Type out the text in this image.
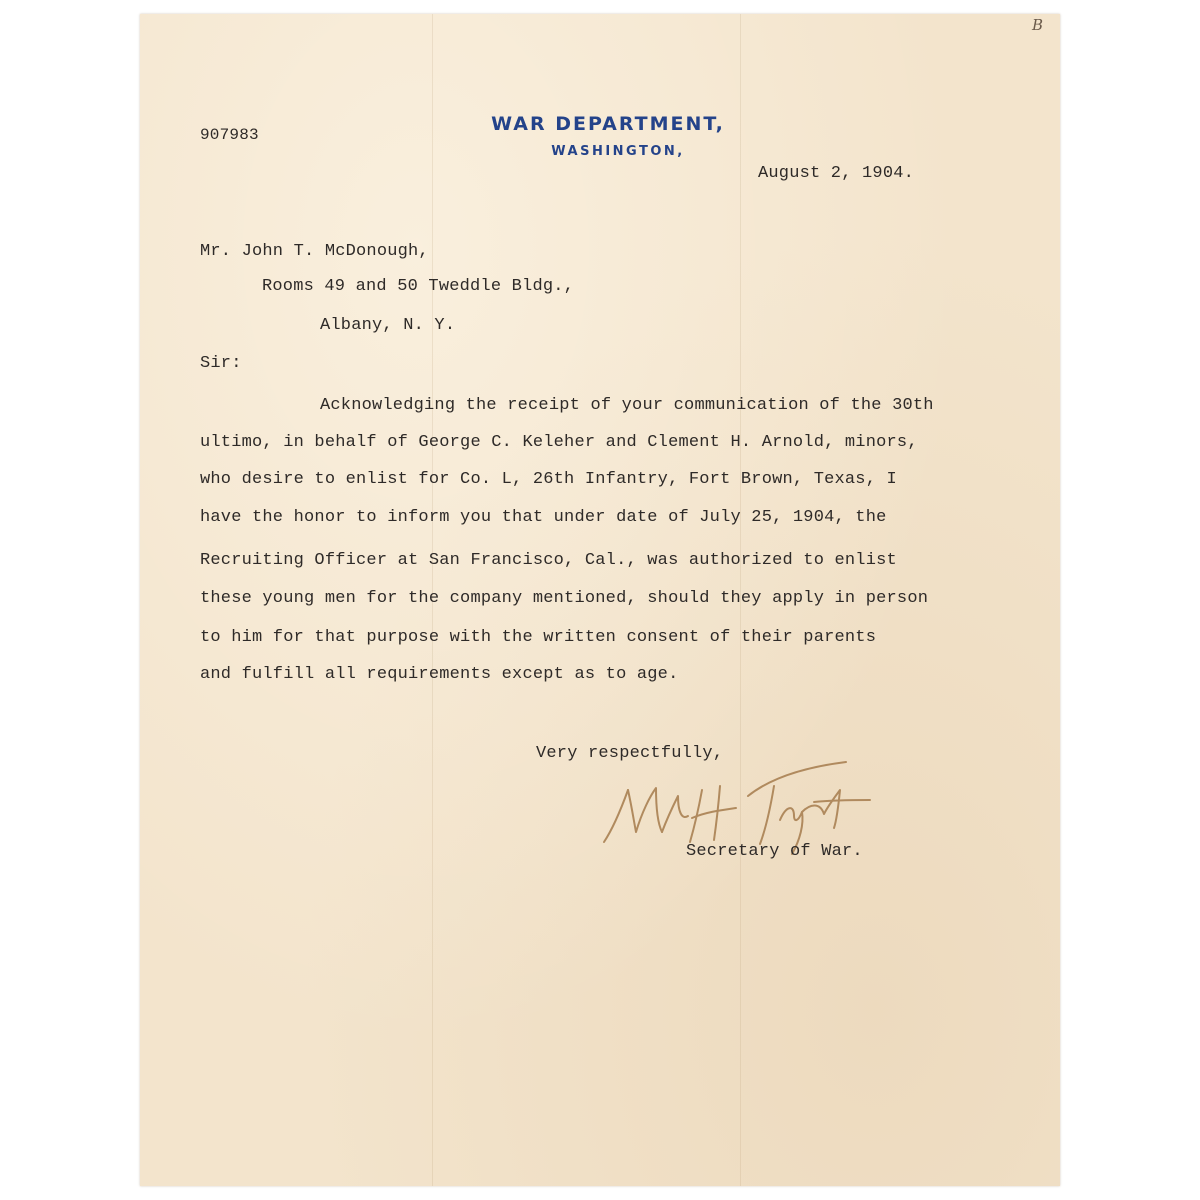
B
WAR DEPARTMENT,
WASHINGTON,
907983
August 2, 1904.
Mr. John T. McDonough,
Rooms 49 and 50 Tweddle Bldg.,
Albany, N. Y.
Sir:
Acknowledging the receipt of your communication of the 30th
ultimo, in behalf of George C. Keleher and Clement H. Arnold, minors,
who desire to enlist for Co. L, 26th Infantry, Fort Brown, Texas, I
have the honor to inform you that under date of July 25, 1904, the
Recruiting Officer at San Francisco, Cal., was authorized to enlist
these young men for the company mentioned, should they apply in person
to him for that purpose with the written consent of their parents
and fulfill all requirements except as to age.
Very respectfully,
Secretary of War.
